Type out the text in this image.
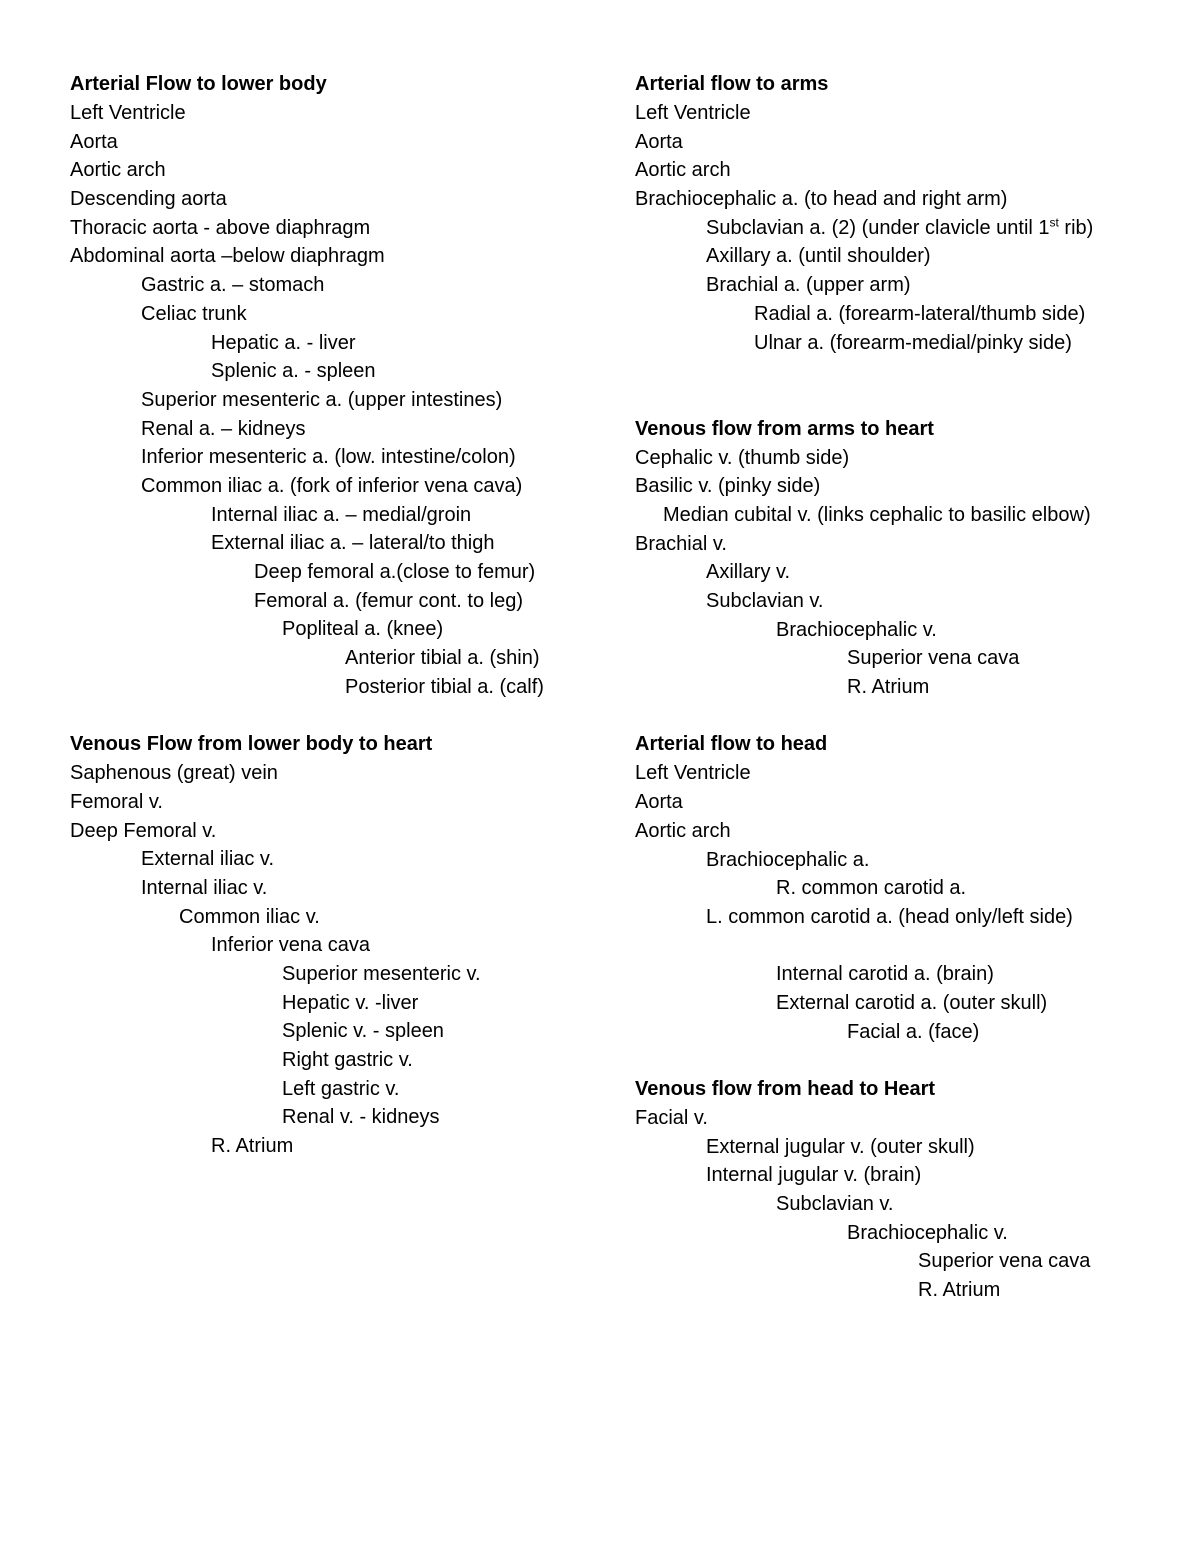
Arterial Flow to lower body
Left Ventricle
Aorta
Aortic arch
Descending aorta
Thoracic aorta - above diaphragm
Abdominal aorta –below diaphragm
Gastric a. – stomach
Celiac trunk
Hepatic a. - liver
Splenic a. - spleen
Superior mesenteric a. (upper intestines)
Renal a. – kidneys
Inferior mesenteric a. (low. intestine/colon)
Common iliac a. (fork of inferior vena cava)
Internal iliac a. – medial/groin
External iliac a. – lateral/to thigh
Deep femoral a.(close to femur)
Femoral a. (femur cont. to leg)
Popliteal a. (knee)
Anterior tibial a. (shin)
Posterior tibial a. (calf)
Venous Flow from lower body to heart
Saphenous (great) vein
Femoral v.
Deep Femoral v.
External iliac v.
Internal iliac v.
Common iliac v.
Inferior vena cava
Superior mesenteric v.
Hepatic v. -liver
Splenic v. - spleen
Right gastric v.
Left gastric v.
Renal v. - kidneys
R. Atrium
Arterial flow to arms
Left Ventricle
Aorta
Aortic arch
Brachiocephalic a. (to head and right arm)
Subclavian a. (2) (under clavicle until 1st rib)
Axillary a. (until shoulder)
Brachial a. (upper arm)
Radial a. (forearm-lateral/thumb side)
Ulnar a. (forearm-medial/pinky side)
Venous flow from arms to heart
Cephalic v. (thumb side)
Basilic v. (pinky side)
Median cubital v. (links cephalic to basilic elbow)
Brachial v.
Axillary v.
Subclavian v.
Brachiocephalic v.
Superior vena cava
R. Atrium
Arterial flow to head
Left Ventricle
Aorta
Aortic arch
Brachiocephalic a.
R. common carotid a.
L. common carotid a. (head only/left side)
Internal carotid a. (brain)
External carotid a. (outer skull)
Facial a. (face)
Venous flow from head to Heart
Facial v.
External jugular v. (outer skull)
Internal jugular v. (brain)
Subclavian v.
Brachiocephalic v.
Superior vena cava
R. Atrium
